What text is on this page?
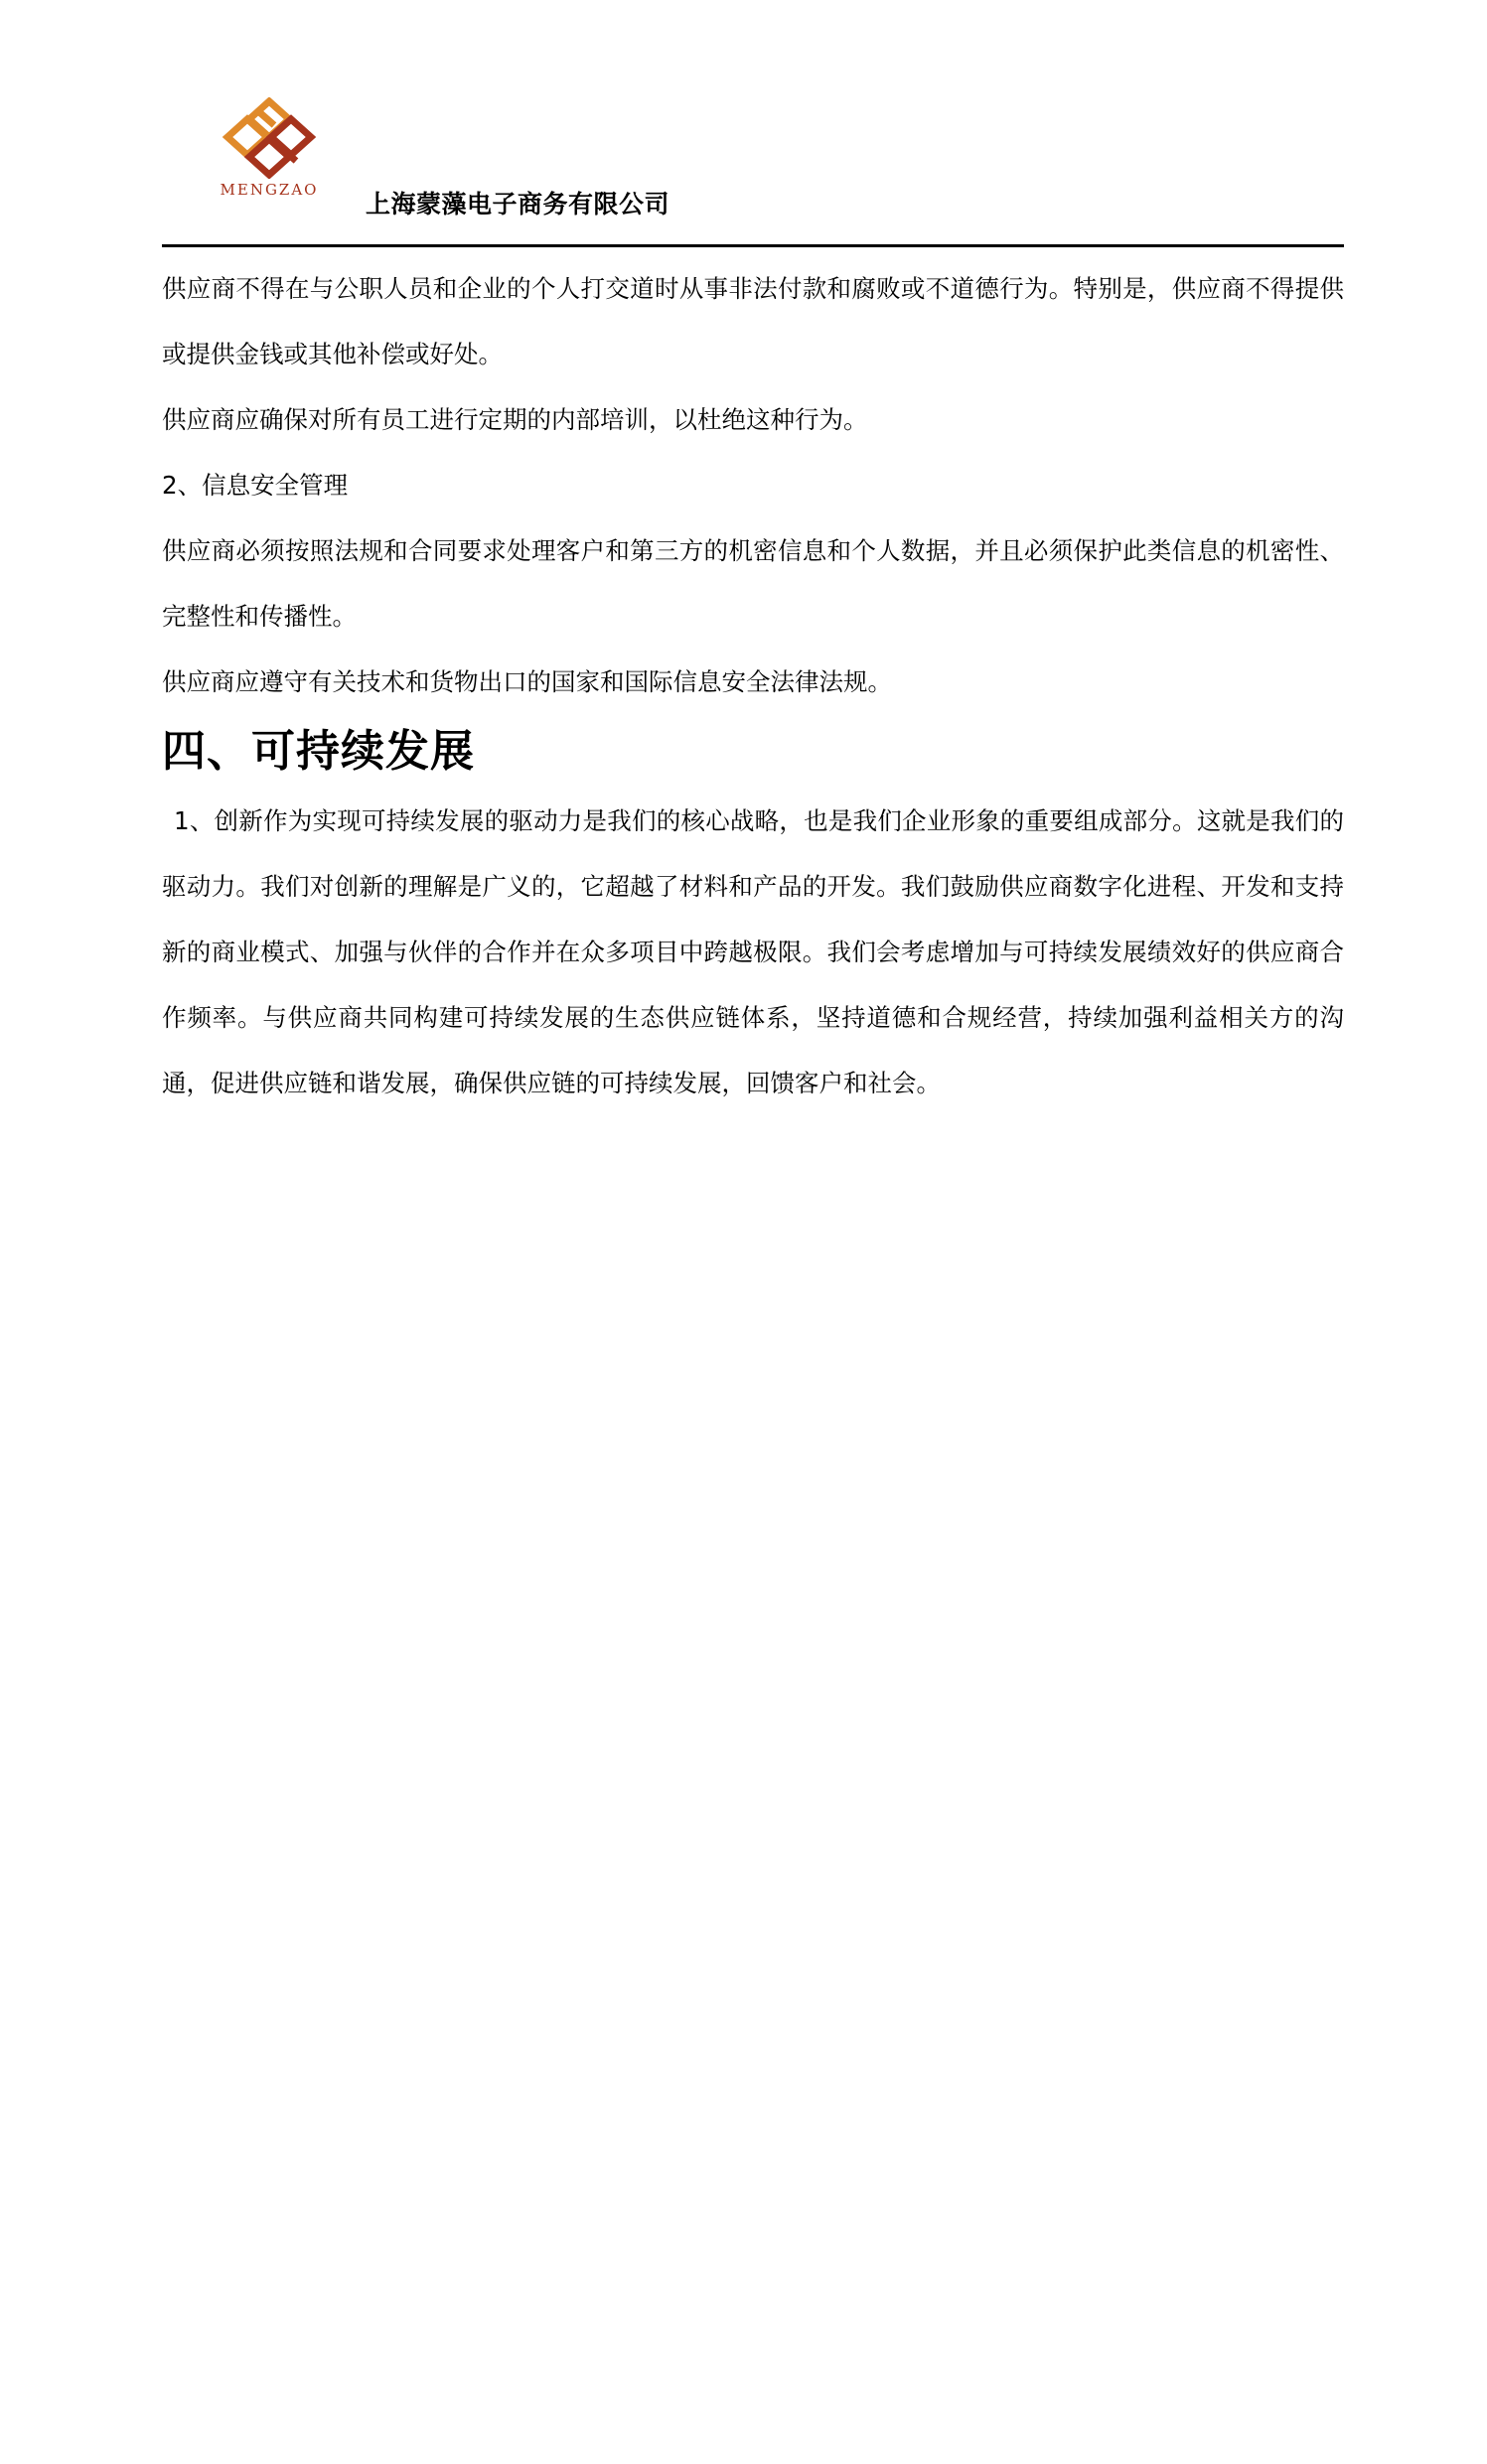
MENGZAO	上海蒙藻电子商务有限公司

供应商不得在与公职人员和企业的个人打交道时从事非法付款和腐败或不道德行为。特别是，供应商不得提供或提供金钱或其他补偿或好处。

供应商应确保对所有员工进行定期的内部培训，以杜绝这种行为。

2、信息安全管理

供应商必须按照法规和合同要求处理客户和第三方的机密信息和个人数据，并且必须保护此类信息的机密性、完整性和传播性。

供应商应遵守有关技术和货物出口的国家和国际信息安全法律法规。

四、可持续发展

1、创新作为实现可持续发展的驱动力是我们的核心战略，也是我们企业形象的重要组成部分。这就是我们的驱动力。我们对创新的理解是广义的，它超越了材料和产品的开发。我们鼓励供应商数字化进程、开发和支持新的商业模式、加强与伙伴的合作并在众多项目中跨越极限。我们会考虑增加与可持续发展绩效好的供应商合作频率。与供应商共同构建可持续发展的生态供应链体系，坚持道德和合规经营，持续加强利益相关方的沟通，促进供应链和谐发展，确保供应链的可持续发展，回馈客户和社会。
